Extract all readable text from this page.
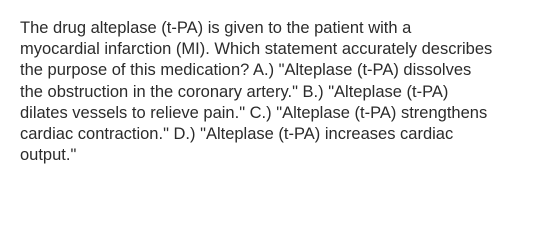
The drug alteplase (t-PA) is given to the patient with a
myocardial infarction (MI). Which statement accurately describes
the purpose of this medication? A.) "Alteplase (t-PA) dissolves
the obstruction in the coronary artery." B.) "Alteplase (t-PA)
dilates vessels to relieve pain." C.) "Alteplase (t-PA) strengthens
cardiac contraction." D.) "Alteplase (t-PA) increases cardiac
output."
